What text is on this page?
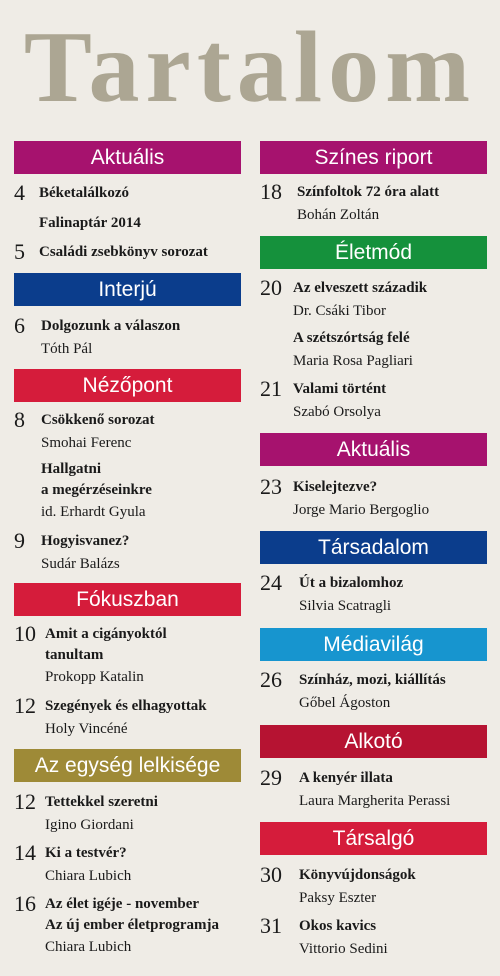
Tartalom
Aktuális
4 Béketalálkozó
Falinaptár 2014
5 Családi zsebkönyv sorozat
Interjú
6 Dolgozunk a válaszon
Tóth Pál
Nézőpont
8 Csökkenő sorozat
Smohai Ferenc
Hallgatni
a megérzéseinkre
id. Erhardt Gyula
9 Hogyisvanez?
Sudár Balázs
Fókuszban
10 Amit a cigányoktól
tanultam
Prokopp Katalin
12 Szegények és elhagyottak
Holy Vincéné
Az egység lelkisége
12 Tettekkel szeretni
Igino Giordani
14 Ki a testvér?
Chiara Lubich
16 Az élet igéje - november
Az új ember életprogramja
Chiara Lubich
Színes riport
18 Színfoltok 72 óra alatt
Bohán Zoltán
Életmód
20 Az elveszett századik
Dr. Csáki Tibor
A szétszórtság felé
Maria Rosa Pagliari
21 Valami történt
Szabó Orsolya
Aktuális
23 Kiselejtezve?
Jorge Mario Bergoglio
Társadalom
24 Út a bizalomhoz
Silvia Scatragli
Médiavilág
26 Színház, mozi, kiállítás
Gőbel Ágoston
Alkotó
29 A kenyér illata
Laura Margherita Perassi
Társalgó
30 Könyvújdonságok
Paksy Eszter
31 Okos kavics
Vittorio Sedini
